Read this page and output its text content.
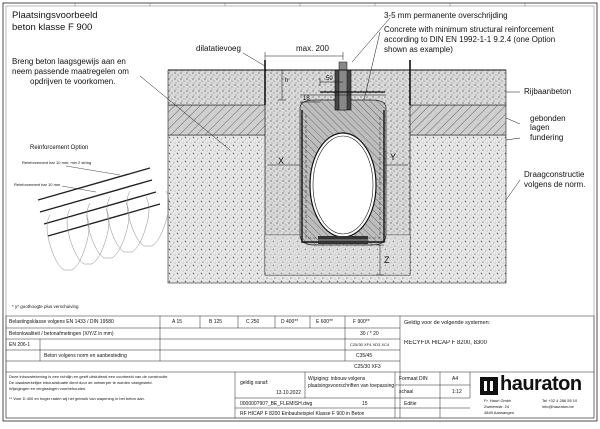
Plaatsingsvoorbeeld
beton klasse F 900
3-5 mm permanente overschrijding
Concrete with minimum structural reinforcement
according to DIN EN 1992-1-1 9.2.4 (one Option
shown as example)
dilatatievoeg	max. 200
Breng beton laagsgewijs aan en
neem passende maatregelen om
opdrijven te voorkomen.
Rijbaanbeton
gebonden
lagen
fundering
Draagconstructie
volgens de norm.
50
18
h
X	Y
Z
Reinforcement Option
Reinforcement bar 10 mm; min 2 string
Reinforcement bar 10 mm
* y* goothoogte plus verschuiving
Belastingsklasse volgens EN 1433 / DIN 19580	A 15	B 125	C 250	D 400**	E 600**	F 900**
Betonkwaliteit / betonafmetingen (X/Y/Z in mm)	30 / * 20
EN 206-1	C25/30 XF4 XD3 XC4
Beton volgens norm en aanbesteding	C35/45
C25/30 XF3
Geldig voor de volgende systemen:
RECYFIX HICAP F 8200, 8300
Deze inbouwtekening is een richtlijn en geeft uitsluitend een voorbeeld van de constructie.
De daadwerkelijke inbouwsituatie dient door de ontwerper te worden vastgesteld.
Wijzigingen en vergissingen voorbehouden.
** Voor D 400 en hoger raden wij het gebruik van wapening in het beton aan.
geldig vanaf:
13.10.2022
Wijziging: inbouw volgens
plaatsingsvoorschriften van toepassing
Formaat DIN	A4
schaal	1:12
000000?90?_BE_FLEMISH.dwg	15	Editie
RF HICAP F 8200 Einbaubeispiel Klasse F 900 in Beton
hauraton
Fr. Hauri Gmbh
Zweiernstr. 24
4849 Aarwangen
Tel +32 4 286 55 10
info@hauraton.be
